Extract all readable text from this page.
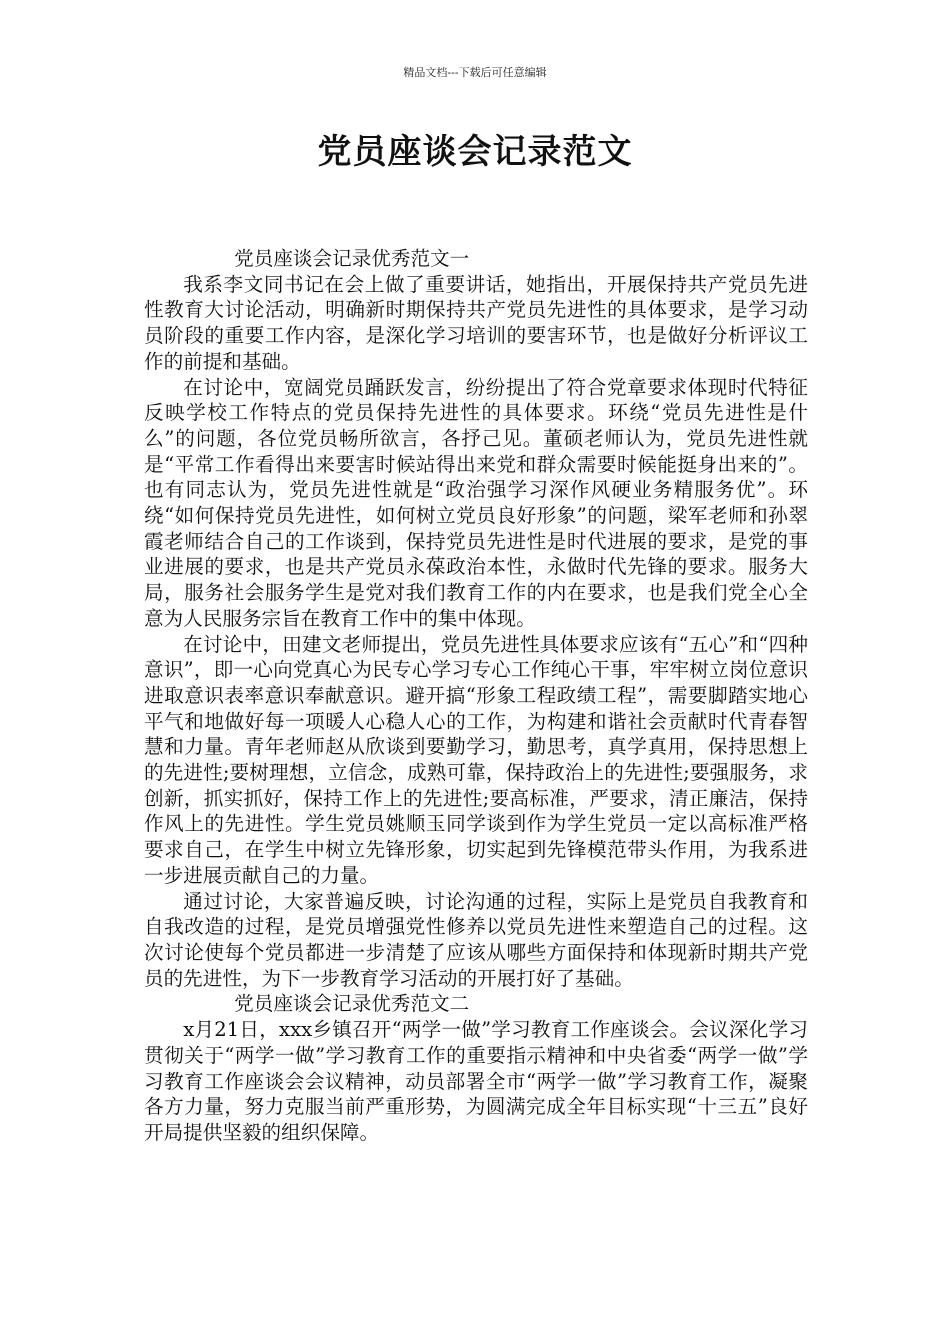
精品文档---下载后可任意编辑
党员座谈会记录范文

党员座谈会记录优秀范文一

我系李文同书记在会上做了重要讲话，她指出，开展保持共产党员先进性教育大讨论活动，明确新时期保持共产党员先进性的具体要求，是学习动员阶段的重要工作内容，是深化学习培训的要害环节，也是做好分析评议工作的前提和基础。

在讨论中，宽阔党员踊跃发言，纷纷提出了符合党章要求体现时代特征反映学校工作特点的党员保持先进性的具体要求。环绕“党员先进性是什么”的问题，各位党员畅所欲言，各抒己见。董硕老师认为，党员先进性就是“平常工作看得出来要害时候站得出来党和群众需要时候能挺身出来的”。也有同志认为，党员先进性就是“政治强学习深作风硬业务精服务优”。环绕“如何保持党员先进性，如何树立党员良好形象”的问题，梁军老师和孙翠霞老师结合自己的工作谈到，保持党员先进性是时代进展的要求，是党的事业进展的要求，也是共产党员永葆政治本性，永做时代先锋的要求。服务大局，服务社会服务学生是党对我们教育工作的内在要求，也是我们党全心全意为人民服务宗旨在教育工作中的集中体现。

在讨论中，田建文老师提出，党员先进性具体要求应该有“五心”和“四种意识”，即一心向党真心为民专心学习专心工作纯心干事，牢牢树立岗位意识进取意识表率意识奉献意识。避开搞“形象工程政绩工程”，需要脚踏实地心平气和地做好每一项暖人心稳人心的工作，为构建和谐社会贡献时代青春智慧和力量。青年老师赵从欣谈到要勤学习，勤思考，真学真用，保持思想上的先进性;要树理想，立信念，成熟可靠，保持政治上的先进性;要强服务，求创新，抓实抓好，保持工作上的先进性;要高标准，严要求，清正廉洁，保持作风上的先进性。学生党员姚顺玉同学谈到作为学生党员一定以高标准严格要求自己，在学生中树立先锋形象，切实起到先锋模范带头作用，为我系进一步进展贡献自己的力量。

通过讨论，大家普遍反映，讨论沟通的过程，实际上是党员自我教育和自我改造的过程，是党员增强党性修养以党员先进性来塑造自己的过程。这次讨论使每个党员都进一步清楚了应该从哪些方面保持和体现新时期共产党员的先进性，为下一步教育学习活动的开展打好了基础。

党员座谈会记录优秀范文二

x月21日，xxx乡镇召开“两学一做”学习教育工作座谈会。会议深化学习贯彻关于“两学一做”学习教育工作的重要指示精神和中央省委“两学一做”学习教育工作座谈会会议精神，动员部署全市“两学一做”学习教育工作，凝聚各方力量，努力克服当前严重形势，为圆满完成全年目标实现“十三五”良好开局提供坚毅的组织保障。
